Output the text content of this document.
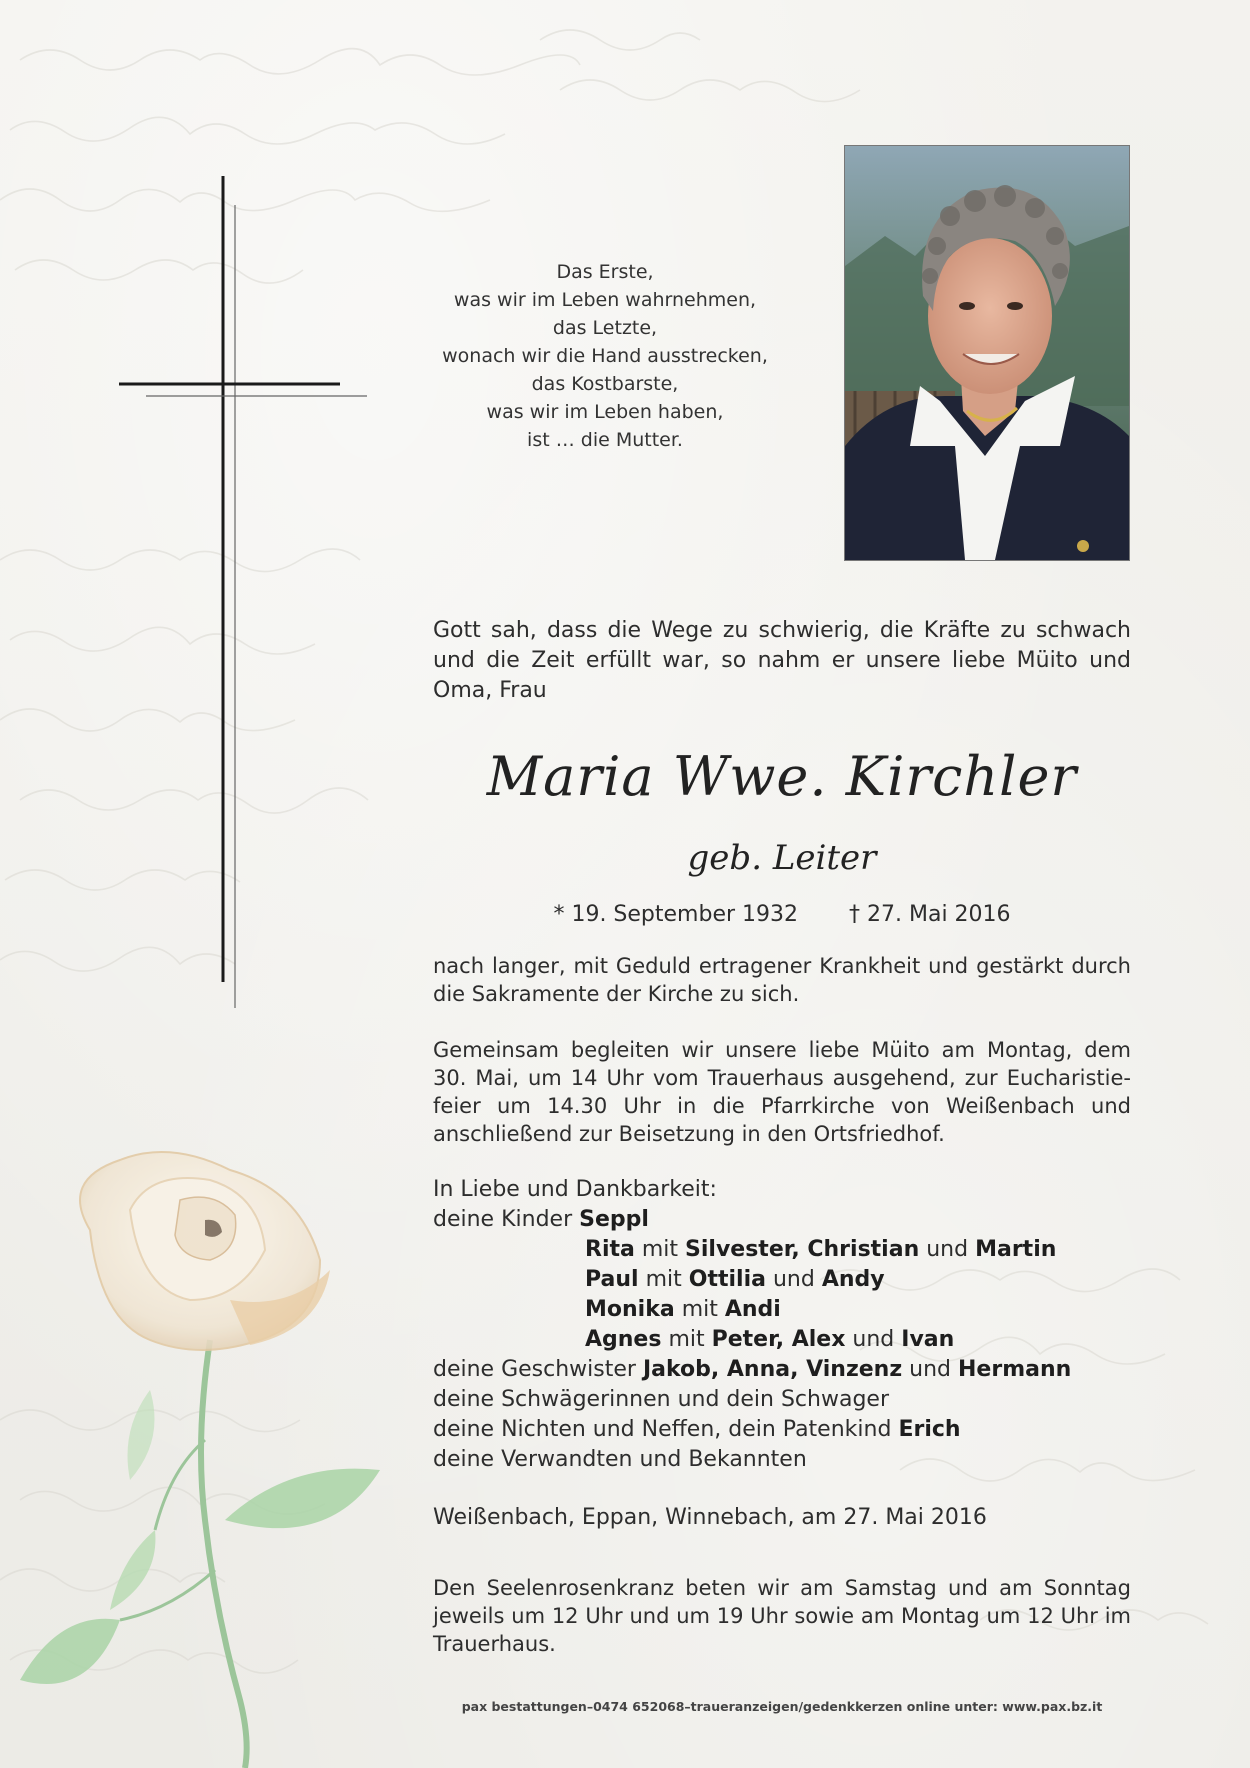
Das Erste,
was wir im Leben wahrnehmen,
das Letzte,
wonach wir die Hand ausstrecken,
das Kostbarste,
was wir im Leben haben,
ist … die Mutter.
Gott sah, dass die Wege zu schwierig, die Kräfte zu schwach
und die Zeit erfüllt war, so nahm er unsere liebe Müito und
Oma, Frau
Maria Wwe. Kirchler
geb. Leiter
* 19. September 1932 † 27. Mai 2016
nach langer, mit Geduld ertragener Krankheit und gestärkt durch
die Sakramente der Kirche zu sich.
Gemeinsam begleiten wir unsere liebe Müito am Montag, dem
30. Mai, um 14 Uhr vom Trauerhaus ausgehend, zur Eucharistie-
feier um 14.30 Uhr in die Pfarrkirche von Weißenbach und
anschließend zur Beisetzung in den Ortsfriedhof.
In Liebe und Dankbarkeit:
deine Kinder Seppl
Rita mit Silvester, Christian und Martin
Paul mit Ottilia und Andy
Monika mit Andi
Agnes mit Peter, Alex und Ivan
deine Geschwister Jakob, Anna, Vinzenz und Hermann
deine Schwägerinnen und dein Schwager
deine Nichten und Neffen, dein Patenkind Erich
deine Verwandten und Bekannten
Weißenbach, Eppan, Winnebach, am 27. Mai 2016
Den Seelenrosenkranz beten wir am Samstag und am Sonntag
jeweils um 12 Uhr und um 19 Uhr sowie am Montag um 12 Uhr im
Trauerhaus.
pax bestattungen–0474 652068–traueranzeigen/gedenkkerzen online unter: www.pax.bz.it
